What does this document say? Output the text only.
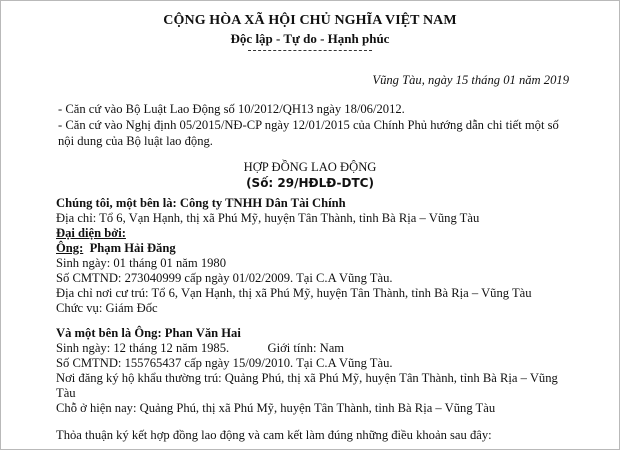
CỘNG HÒA XÃ HỘI CHỦ NGHĨA VIỆT NAM
Độc lập - Tự do - Hạnh phúc
Vũng Tàu, ngày 15 tháng 01 năm 2019
- Căn cứ vào Bộ Luật Lao Động số 10/2012/QH13 ngày 18/06/2012.
- Căn cứ vào Nghị định 05/2015/NĐ-CP ngày 12/01/2015 của Chính Phủ hướng dẫn chi tiết một số
nội dung của Bộ luật lao động.
HỢP ĐỒNG LAO ĐỘNG
(Số: 29/HĐLĐ-DTC)
Chúng tôi, một bên là: Công ty TNHH Dân Tài Chính
Địa chỉ: Tổ 6, Vạn Hạnh, thị xã Phú Mỹ, huyện Tân Thành, tỉnh Bà Rịa – Vũng Tàu
Đại diện bởi:
Ông: Phạm Hải Đăng
Sinh ngày: 01 tháng 01 năm 1980
Số CMTND: 273040999 cấp ngày 01/02/2009. Tại C.A Vũng Tàu.
Địa chỉ nơi cư trú: Tổ 6, Vạn Hạnh, thị xã Phú Mỹ, huyện Tân Thành, tỉnh Bà Rịa – Vũng Tàu
Chức vụ: Giám Đốc
Và một bên là Ông: Phan Văn Hai
Sinh ngày: 12 tháng 12 năm 1985.	Giới tính: Nam
Số CMTND: 155765437 cấp ngày 15/09/2010. Tại C.A Vũng Tàu.
Nơi đăng ký hộ khẩu thường trú: Quảng Phú, thị xã Phú Mỹ, huyện Tân Thành, tỉnh Bà Rịa – Vũng
Tàu
Chỗ ở hiện nay: Quảng Phú, thị xã Phú Mỹ, huyện Tân Thành, tỉnh Bà Rịa – Vũng Tàu
Thỏa thuận ký kết hợp đồng lao động và cam kết làm đúng những điều khoản sau đây:
